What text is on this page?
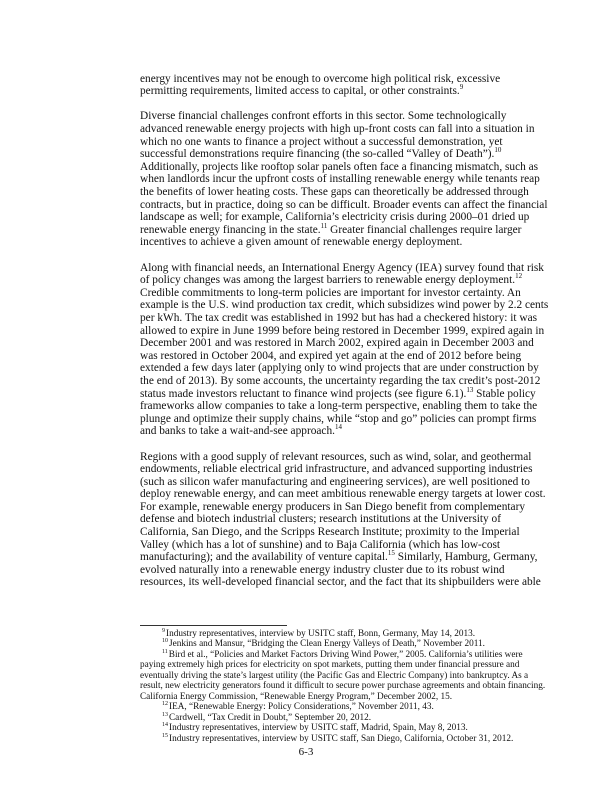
energy incentives may not be enough to overcome high political risk, excessive
permitting requirements, limited access to capital, or other constraints.$^9$
Diverse financial challenges confront efforts in this sector. Some technologically
advanced renewable energy projects with high up-front costs can fall into a situation in
which no one wants to finance a project without a successful demonstration, yet
successful demonstrations require financing (the so-called “Valley of Death”).$^{10}$
Additionally, projects like rooftop solar panels often face a financing mismatch, such as
when landlords incur the upfront costs of installing renewable energy while tenants reap
the benefits of lower heating costs. These gaps can theoretically be addressed through
contracts, but in practice, doing so can be difficult. Broader events can affect the financial
landscape as well; for example, California’s electricity crisis during 2000–01 dried up
renewable energy financing in the state.$^{11}$ Greater financial challenges require larger
incentives to achieve a given amount of renewable energy deployment.
Along with financial needs, an International Energy Agency (IEA) survey found that risk
of policy changes was among the largest barriers to renewable energy deployment.$^{12}$
Credible commitments to long-term policies are important for investor certainty. An
example is the U.S. wind production tax credit, which subsidizes wind power by 2.2 cents
per kWh. The tax credit was established in 1992 but has had a checkered history: it was
allowed to expire in June 1999 before being restored in December 1999, expired again in
December 2001 and was restored in March 2002, expired again in December 2003 and
was restored in October 2004, and expired yet again at the end of 2012 before being
extended a few days later (applying only to wind projects that are under construction by
the end of 2013). By some accounts, the uncertainty regarding the tax credit’s post-2012
status made investors reluctant to finance wind projects (see figure 6.1).$^{13}$ Stable policy
frameworks allow companies to take a long-term perspective, enabling them to take the
plunge and optimize their supply chains, while “stop and go” policies can prompt firms
and banks to take a wait-and-see approach.$^{14}$
Regions with a good supply of relevant resources, such as wind, solar, and geothermal
endowments, reliable electrical grid infrastructure, and advanced supporting industries
(such as silicon wafer manufacturing and engineering services), are well positioned to
deploy renewable energy, and can meet ambitious renewable energy targets at lower cost.
For example, renewable energy producers in San Diego benefit from complementary
defense and biotech industrial clusters; research institutions at the University of
California, San Diego, and the Scripps Research Institute; proximity to the Imperial
Valley (which has a lot of sunshine) and to Baja California (which has low-cost
manufacturing); and the availability of venture capital.$^{15}$ Similarly, Hamburg, Germany,
evolved naturally into a renewable energy industry cluster due to its robust wind
resources, its well-developed financial sector, and the fact that its shipbuilders were able
$^9$Industry representatives, interview by USITC staff, Bonn, Germany, May 14, 2013.
$^{10}$Jenkins and Mansur, “Bridging the Clean Energy Valleys of Death,” November 2011.
$^{11}$Bird et al., “Policies and Market Factors Driving Wind Power,” 2005. California’s utilities were
paying extremely high prices for electricity on spot markets, putting them under financial pressure and
eventually driving the state’s largest utility (the Pacific Gas and Electric Company) into bankruptcy. As a
result, new electricity generators found it difficult to secure power purchase agreements and obtain financing.
California Energy Commission, “Renewable Energy Program,” December 2002, 15.
$^{12}$IEA, “Renewable Energy: Policy Considerations,” November 2011, 43.
$^{13}$Cardwell, “Tax Credit in Doubt,” September 20, 2012.
$^{14}$Industry representatives, interview by USITC staff, Madrid, Spain, May 8, 2013.
$^{15}$Industry representatives, interview by USITC staff, San Diego, California, October 31, 2012.
6-3
